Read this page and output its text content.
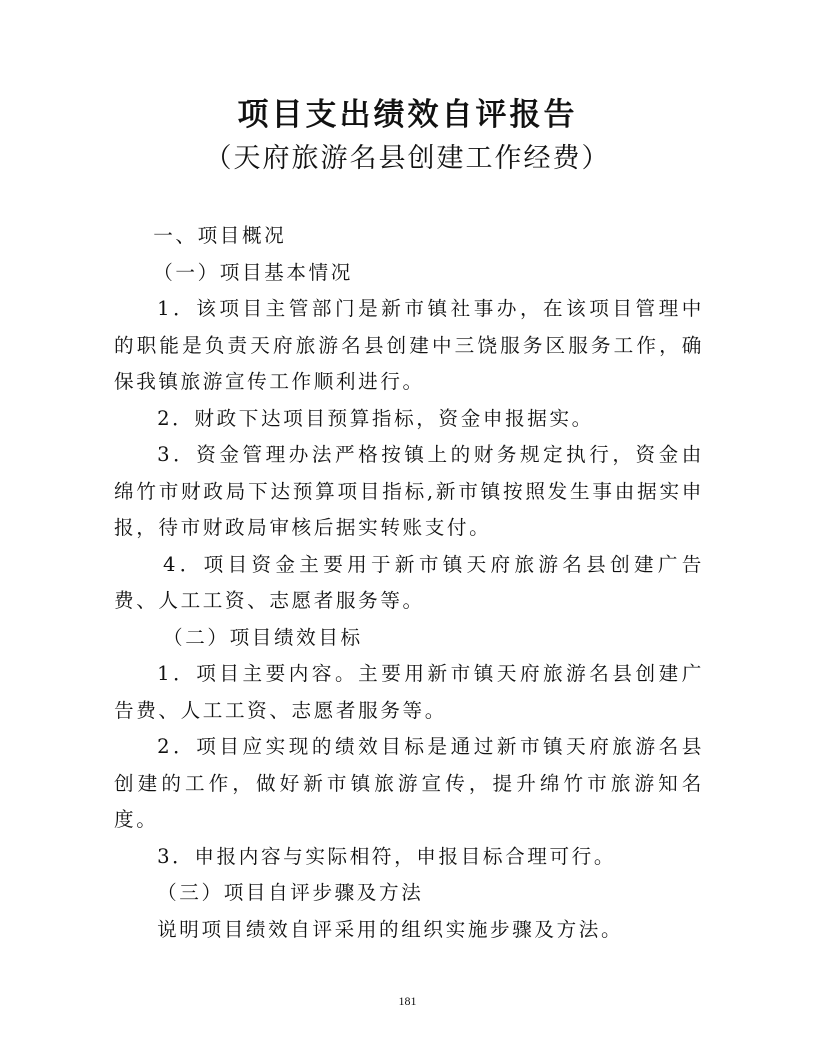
项目支出绩效自评报告
（天府旅游名县创建工作经费）

一、项目概况

（一）项目基本情况

1．该项目主管部门是新市镇社事办，在该项目管理中的职能是负责天府旅游名县创建中三饶服务区服务工作，确保我镇旅游宣传工作顺利进行。

2．财政下达项目预算指标，资金申报据实。

3．资金管理办法严格按镇上的财务规定执行，资金由绵竹市财政局下达预算项目指标,新市镇按照发生事由据实申报，待市财政局审核后据实转账支付。

4．项目资金主要用于新市镇天府旅游名县创建广告费、人工工资、志愿者服务等。

（二）项目绩效目标

1．项目主要内容。主要用新市镇天府旅游名县创建广告费、人工工资、志愿者服务等。

2．项目应实现的绩效目标是通过新市镇天府旅游名县创建的工作，做好新市镇旅游宣传，提升绵竹市旅游知名度。

3．申报内容与实际相符，申报目标合理可行。

（三）项目自评步骤及方法

说明项目绩效自评采用的组织实施步骤及方法。

181
